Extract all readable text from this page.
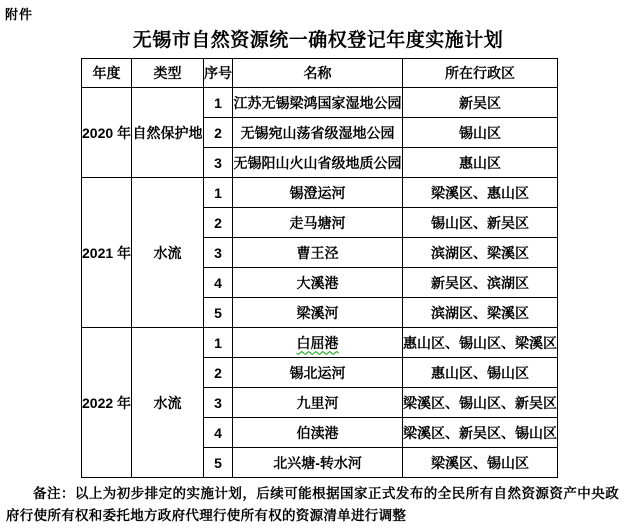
附件
无锡市自然资源统一确权登记年度实施计划
年度	类型	序号	名称	所在行政区
2020 年	自然保护地	1	江苏无锡梁鸿国家湿地公园	新吴区
		2	无锡宛山荡省级湿地公园	锡山区
		3	无锡阳山火山省级地质公园	惠山区
2021 年	水流	1	锡澄运河	梁溪区、惠山区
		2	走马塘河	锡山区、新吴区
		3	曹王泾	滨湖区、梁溪区
		4	大溪港	新吴区、滨湖区
		5	梁溪河	滨湖区、梁溪区
2022 年	水流	1	白屈港	惠山区、锡山区、梁溪区
		2	锡北运河	惠山区、锡山区
		3	九里河	梁溪区、锡山区、新吴区
		4	伯渎港	梁溪区、新吴区、锡山区
		5	北兴塘-转水河	梁溪区、锡山区

备注：以上为初步排定的实施计划，后续可能根据国家正式发布的全民所有自然资源资产中央政府行使所有权和委托地方政府代理行使所有权的资源清单进行调整
